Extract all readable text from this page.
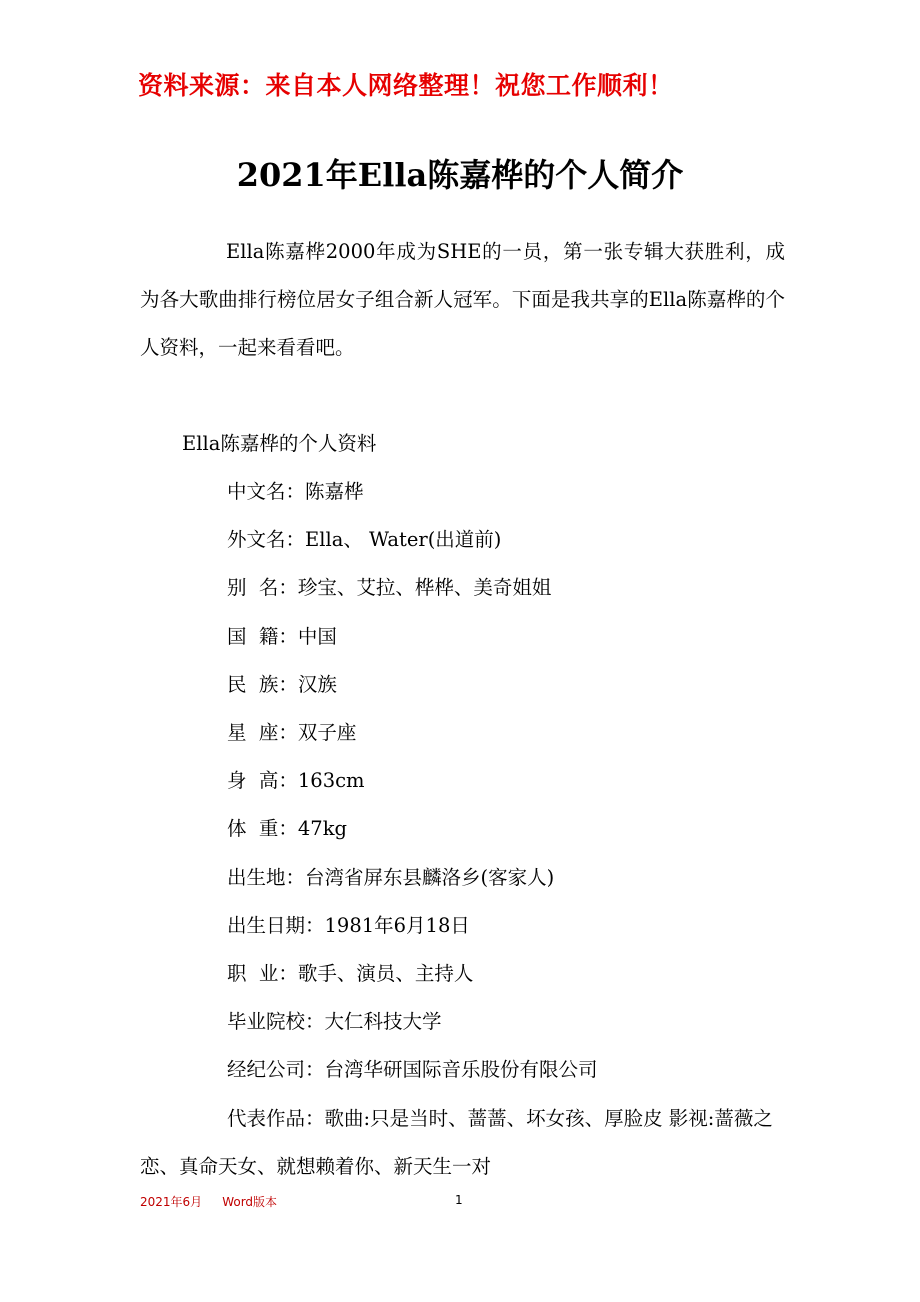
资料来源：来自本人网络整理！祝您工作顺利！
2021年Ella陈嘉桦的个人简介

Ella陈嘉桦2000年成为SHE的一员，第一张专辑大获胜利，成为各大歌曲排行榜位居女子组合新人冠军。下面是我共享的Ella陈嘉桦的个人资料，一起来看看吧。

Ella陈嘉桦的个人资料
中文名：陈嘉桦
外文名：Ella、 Water(出道前)
别  名：珍宝、艾拉、桦桦、美奇姐姐
国  籍：中国
民  族：汉族
星  座：双子座
身  高：163cm
体  重：47kg
出生地：台湾省屏东县麟洛乡(客家人)
出生日期：1981年6月18日
职  业：歌手、演员、主持人
毕业院校：大仁科技大学
经纪公司：台湾华研国际音乐股份有限公司
代表作品：歌曲:只是当时、蔷蔷、坏女孩、厚脸皮 影视:蔷薇之恋、真命天女、就想赖着你、新天生一对
2021年6月 Word版本	1
